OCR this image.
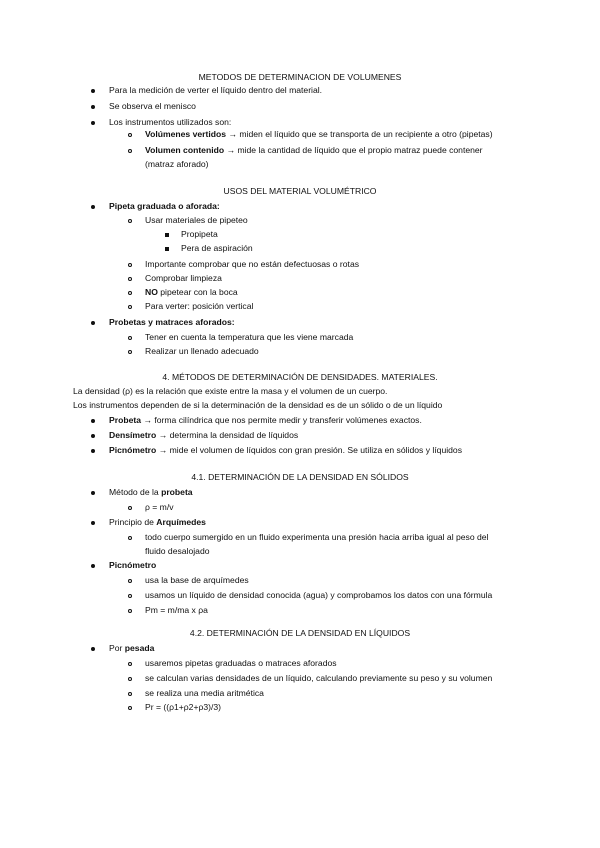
METODOS DE DETERMINACION DE VOLUMENES
Para la medición de verter el líquido dentro del material.
Se observa el menisco
Los instrumentos utilizados son:
Volúmenes vertidos → miden el líquido que se transporta de un recipiente a otro (pipetas)
Volumen contenido → mide la cantidad de líquido que el propio matraz puede contener
(matraz aforado)
USOS DEL MATERIAL VOLUMÉTRICO
Pipeta graduada o aforada:
Usar materiales de pipeteo
Propipeta
Pera de aspiración
Importante comprobar que no están defectuosas o rotas
Comprobar limpieza
NO pipetear con la boca
Para verter: posición vertical
Probetas y matraces aforados:
Tener en cuenta la temperatura que les viene marcada
Realizar un llenado adecuado
4. MÉTODOS DE DETERMINACIÓN DE DENSIDADES. MATERIALES.
La densidad (ρ) es la relación que existe entre la masa y el volumen de un cuerpo.
Los instrumentos dependen de si la determinación de la densidad es de un sólido o de un líquido
Probeta → forma cilíndrica que nos permite medir y transferir volúmenes exactos.
Densímetro → determina la densidad de líquidos
Picnómetro → mide el volumen de líquidos con gran presión. Se utiliza en sólidos y líquidos
4.1. DETERMINACIÓN DE LA DENSIDAD EN SÓLIDOS
Método de la probeta
ρ = m/v
Principio de Arquímedes
todo cuerpo sumergido en un fluido experimenta una presión hacia arriba igual al peso del
fluido desalojado
Picnómetro
usa la base de arquímedes
usamos un líquido de densidad conocida (agua) y comprobamos los datos con una fórmula
Pm = m/ma x ρa
4.2. DETERMINACIÓN DE LA DENSIDAD EN LÍQUIDOS
Por pesada
usaremos pipetas graduadas o matraces aforados
se calculan varias densidades de un líquido, calculando previamente su peso y su volumen
se realiza una media aritmética
Pr = ((ρ1+ρ2+ρ3)/3)
